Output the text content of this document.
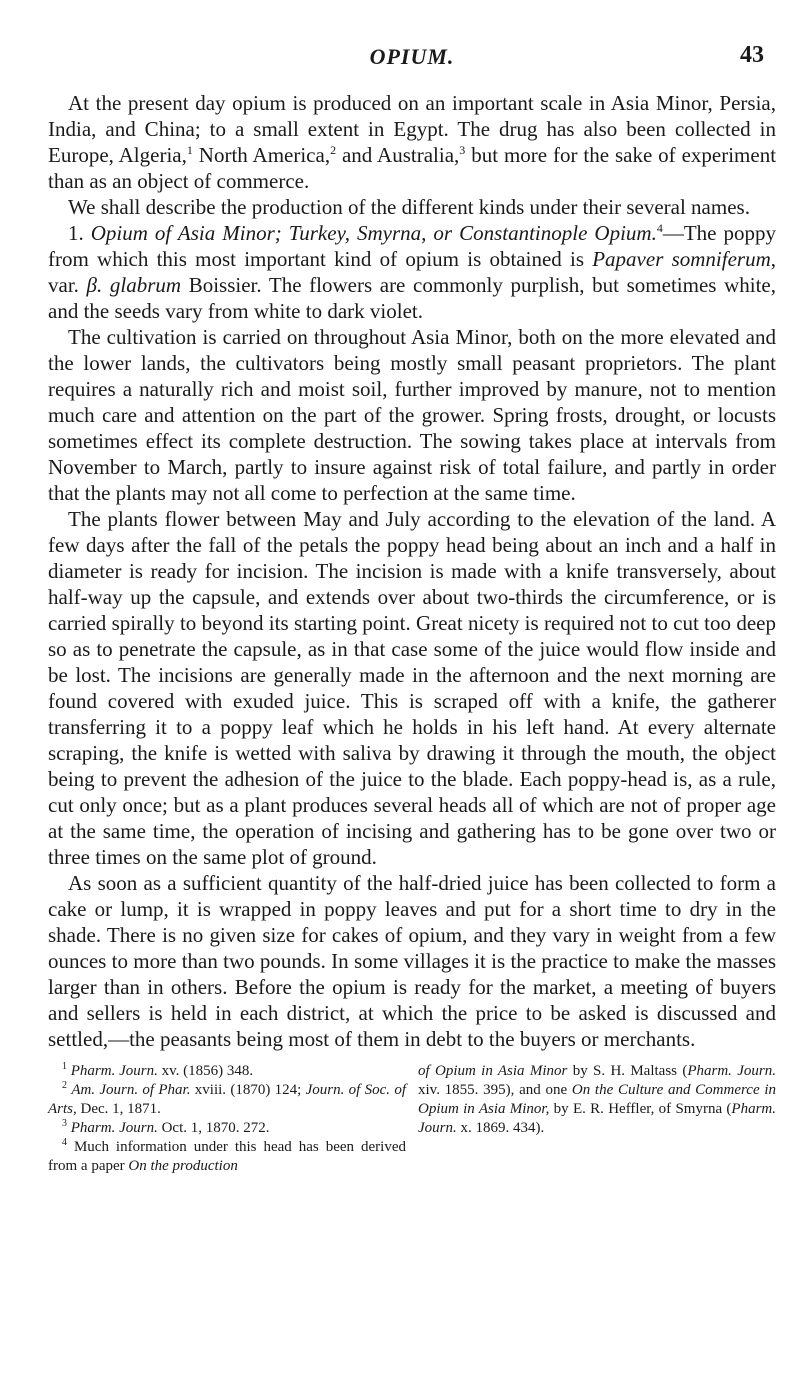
OPIUM.	43

At the present day opium is produced on an important scale in Asia Minor, Persia, India, and China; to a small extent in Egypt. The drug has also been collected in Europe, Algeria,$^1$ North America,$^2$ and Australia,$^3$ but more for the sake of experiment than as an object of commerce.

We shall describe the production of the different kinds under their several names.

1. Opium of Asia Minor; Turkey, Smyrna, or Constantinople Opium.$^4$—The poppy from which this most important kind of opium is obtained is Papaver somniferum, var. β. glabrum Boissier. The flowers are commonly purplish, but sometimes white, and the seeds vary from white to dark violet.

The cultivation is carried on throughout Asia Minor, both on the more elevated and the lower lands, the cultivators being mostly small peasant proprietors. The plant requires a naturally rich and moist soil, further improved by manure, not to mention much care and attention on the part of the grower. Spring frosts, drought, or locusts sometimes effect its complete destruction. The sowing takes place at intervals from November to March, partly to insure against risk of total failure, and partly in order that the plants may not all come to perfection at the same time.

The plants flower between May and July according to the elevation of the land. A few days after the fall of the petals the poppy head being about an inch and a half in diameter is ready for incision. The incision is made with a knife transversely, about half-way up the capsule, and extends over about two-thirds the circumference, or is carried spirally to beyond its starting point. Great nicety is required not to cut too deep so as to penetrate the capsule, as in that case some of the juice would flow inside and be lost. The incisions are generally made in the afternoon and the next morning are found covered with exuded juice. This is scraped off with a knife, the gatherer transferring it to a poppy leaf which he holds in his left hand. At every alternate scraping, the knife is wetted with saliva by drawing it through the mouth, the object being to prevent the adhesion of the juice to the blade. Each poppy-head is, as a rule, cut only once; but as a plant produces several heads all of which are not of proper age at the same time, the operation of incising and gathering has to be gone over two or three times on the same plot of ground.

As soon as a sufficient quantity of the half-dried juice has been collected to form a cake or lump, it is wrapped in poppy leaves and put for a short time to dry in the shade. There is no given size for cakes of opium, and they vary in weight from a few ounces to more than two pounds. In some villages it is the practice to make the masses larger than in others. Before the opium is ready for the market, a meeting of buyers and sellers is held in each district, at which the price to be asked is discussed and settled,—the peasants being most of them in debt to the buyers or merchants.

$^1$ Pharm. Journ. xv. (1856) 348.

$^2$ Am. Journ. of Phar. xviii. (1870) 124; Journ. of Soc. of Arts, Dec. 1, 1871.

$^3$ Pharm. Journ. Oct. 1, 1870. 272.

$^4$ Much information under this head has been derived from a paper On the production

of Opium in Asia Minor by S. H. Maltass (Pharm. Journ. xiv. 1855. 395), and one On the Culture and Commerce in Opium in Asia Minor, by E. R. Heffler, of Smyrna (Pharm. Journ. x. 1869. 434).
